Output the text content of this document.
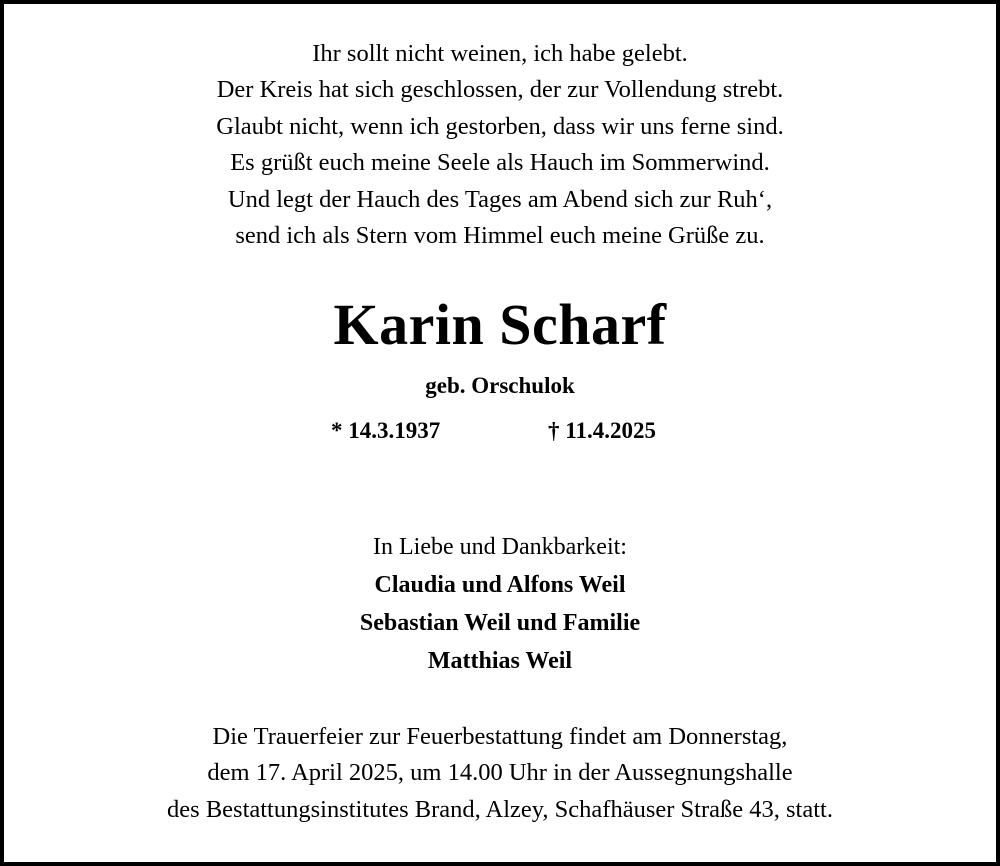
Ihr sollt nicht weinen, ich habe gelebt.
Der Kreis hat sich geschlossen, der zur Vollendung strebt.
Glaubt nicht, wenn ich gestorben, dass wir uns ferne sind.
Es grüßt euch meine Seele als Hauch im Sommerwind.
Und legt der Hauch des Tages am Abend sich zur Ruh‘,
send ich als Stern vom Himmel euch meine Grüße zu.
Karin Scharf
geb. Orschulok
* 14.3.1937	† 11.4.2025
In Liebe und Dankbarkeit:
Claudia und Alfons Weil
Sebastian Weil und Familie
Matthias Weil
Die Trauerfeier zur Feuerbestattung findet am Donnerstag,
dem 17. April 2025, um 14.00 Uhr in der Aussegnungshalle
des Bestattungsinstitutes Brand, Alzey, Schafhäuser Straße 43, statt.
